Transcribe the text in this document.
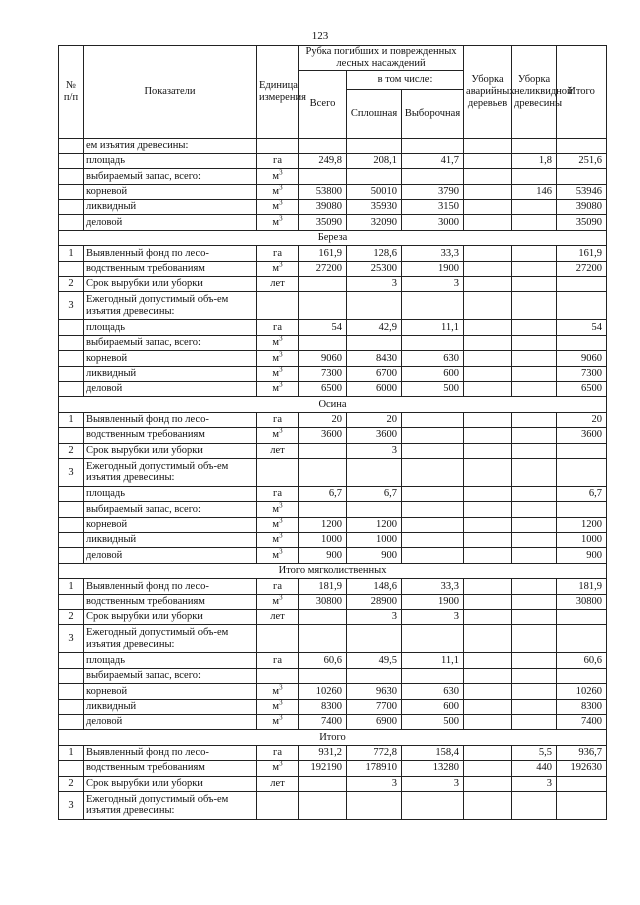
123
№ п/п	Показатели	Единица измерения	Рубка погибших и поврежденных лесных насаждений			Уборка аварийных деревьев	Уборка неликвидной древесины	Итого
			Всего	в том числе:				
				Сплошная	Выборочная			
	ем изъятия древесины:							
	площадь	га	249,8	208,1	41,7		1,8	251,6
	выбираемый запас, всего:	$м^3$						
	корневой	$м^3$	53800	50010	3790		146	53946
	ликвидный	$м^3$	39080	35930	3150			39080
	деловой	$м^3$	35090	32090	3000			35090
Береза								
1	Выявленный фонд по лесо-	га	161,9	128,6	33,3			161,9
	водственным требованиям	$м^3$	27200	25300	1900			27200
2	Срок вырубки или уборки	лет		3	3			
3	Ежегодный допустимый объ-ем изъятия древесины:							
	площадь	га	54	42,9	11,1			54
	выбираемый запас, всего:	$м^3$						
	корневой	$м^3$	9060	8430	630			9060
	ликвидный	$м^3$	7300	6700	600			7300
	деловой	$м^3$	6500	6000	500			6500
Осина								
1	Выявленный фонд по лесо-	га	20	20				20
	водственным требованиям	$м^3$	3600	3600				3600
2	Срок вырубки или уборки	лет		3				
3	Ежегодный допустимый объ-ем изъятия древесины:							
	площадь	га	6,7	6,7				6,7
	выбираемый запас, всего:	$м^3$						
	корневой	$м^3$	1200	1200				1200
	ликвидный	$м^3$	1000	1000				1000
	деловой	$м^3$	900	900				900
Итого мягколиственных								
1	Выявленный фонд по лесо-	га	181,9	148,6	33,3			181,9
	водственным требованиям	$м^3$	30800	28900	1900			30800
2	Срок вырубки или уборки	лет		3	3			
3	Ежегодный допустимый объ-ем изъятия древесины:							
	площадь	га	60,6	49,5	11,1			60,6
	выбираемый запас, всего:							
	корневой	$м^3$	10260	9630	630			10260
	ликвидный	$м^3$	8300	7700	600			8300
	деловой	$м^3$	7400	6900	500			7400
Итого								
1	Выявленный фонд по лесо-	га	931,2	772,8	158,4		5,5	936,7
	водственным требованиям	$м^3$	192190	178910	13280		440	192630
2	Срок вырубки или уборки	лет		3	3		3	
3	Ежегодный допустимый объ-ем изъятия древесины:							
